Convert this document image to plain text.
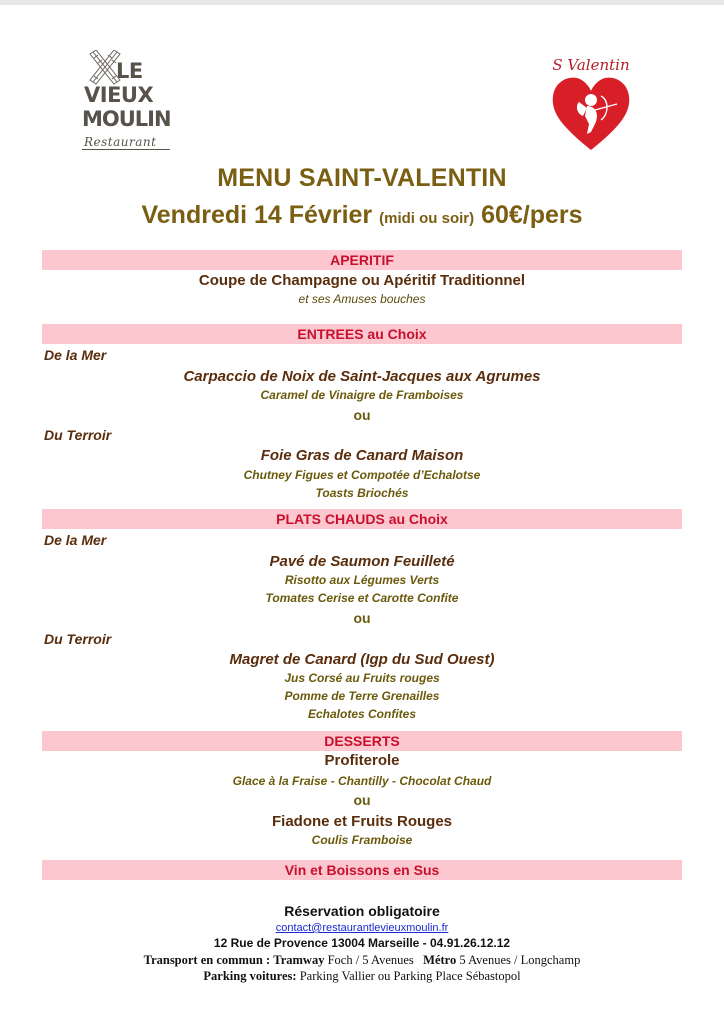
LE
VIEUX
MOULIN
Restaurant
S Valentin
MENU SAINT-VALENTIN
Vendredi 14 Février (midi ou soir) 60€/pers
APERITIF
Coupe de Champagne ou Apéritif Traditionnel
et ses Amuses bouches
ENTREES au Choix
De la Mer
Carpaccio de Noix de Saint-Jacques aux Agrumes
Caramel de Vinaigre de Framboises
ou
Du Terroir
Foie Gras de Canard Maison
Chutney Figues et Compotée d’Echalotse
Toasts Briochés
PLATS CHAUDS au Choix
De la Mer
Pavé de Saumon Feuilleté
Risotto aux Légumes Verts
Tomates Cerise et Carotte Confite
ou
Du Terroir
Magret de Canard (Igp du Sud Ouest)
Jus Corsé au Fruits rouges
Pomme de Terre Grenailles
Echalotes Confites
DESSERTS
Profiterole
Glace à la Fraise - Chantilly - Chocolat Chaud
ou
Fiadone et Fruits Rouges
Coulis Framboise
Vin et Boissons en Sus
Réservation obligatoire
contact@restaurantlevieuxmoulin.fr
12 Rue de Provence 13004 Marseille - 04.91.26.12.12
Transport en commun : Tramway Foch / 5 Avenues Métro 5 Avenues / Longchamp
Parking voitures: Parking Vallier ou Parking Place Sébastopol
